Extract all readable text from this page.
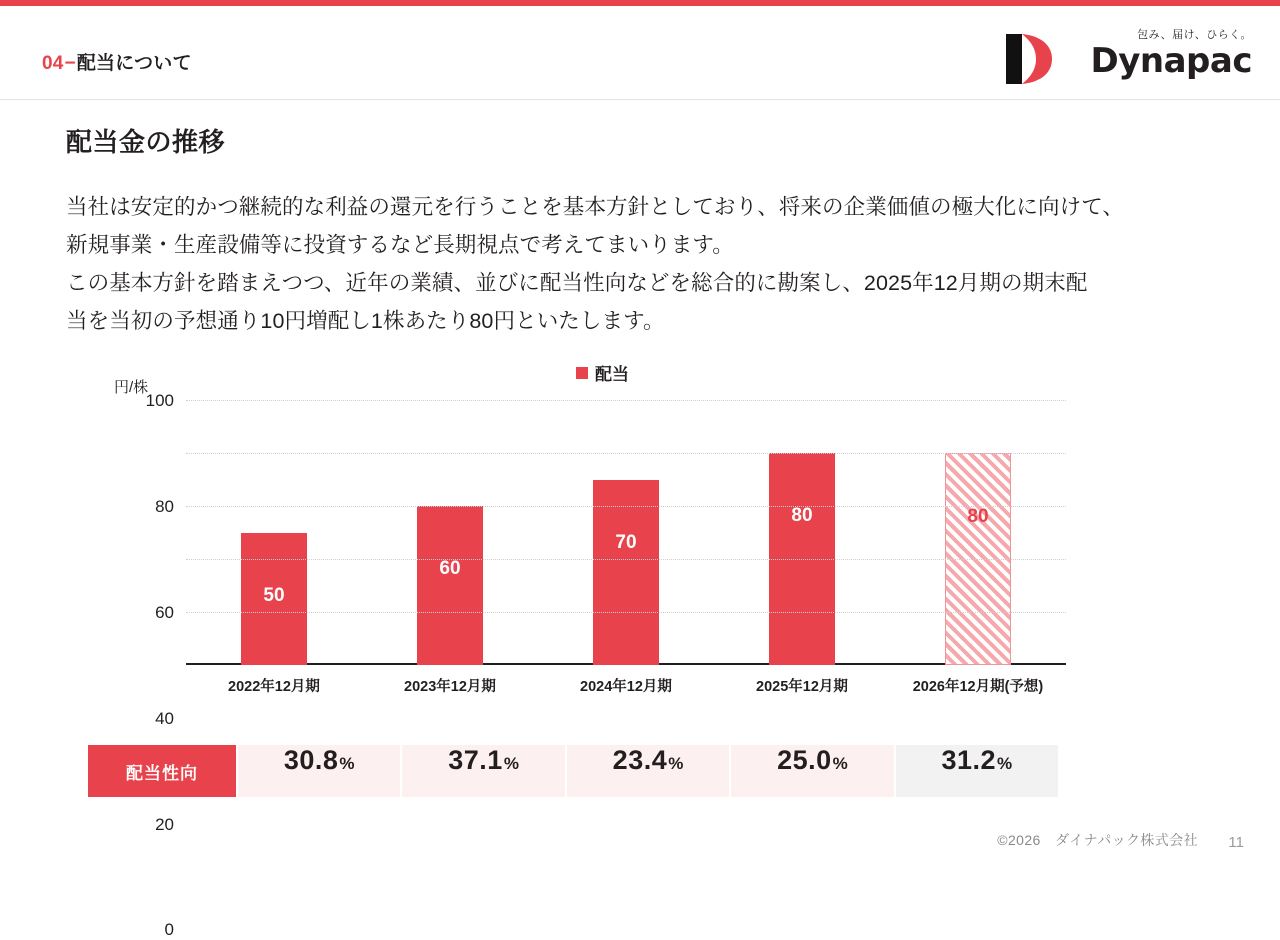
04−配当について
包み、届け、ひらく。
Dynapac
配当金の推移

当社は安定的かつ継続的な利益の還元を行うことを基本方針としており、将来の企業価値の極大化に向けて、

新規事業・生産設備等に投資するなど長期視点で考えてまいります。

この基本方針を踏まえつつ、近年の業績、並びに配当性向などを総合的に勘案し、2025年12月期の期末配

当を当初の予想通り10円増配し1株あたり80円といたします。

円/株
配当
50
60
70
80	80
0
20
40
60
80
100
2022年12月期	2023年12月期	2024年12月期	2025年12月期	2026年12月期(予想)
配当性向	30.8 %	37.1 %	23.4 %	25.0 %	31.2 %
©2026　ダイナパック株式会社 11
